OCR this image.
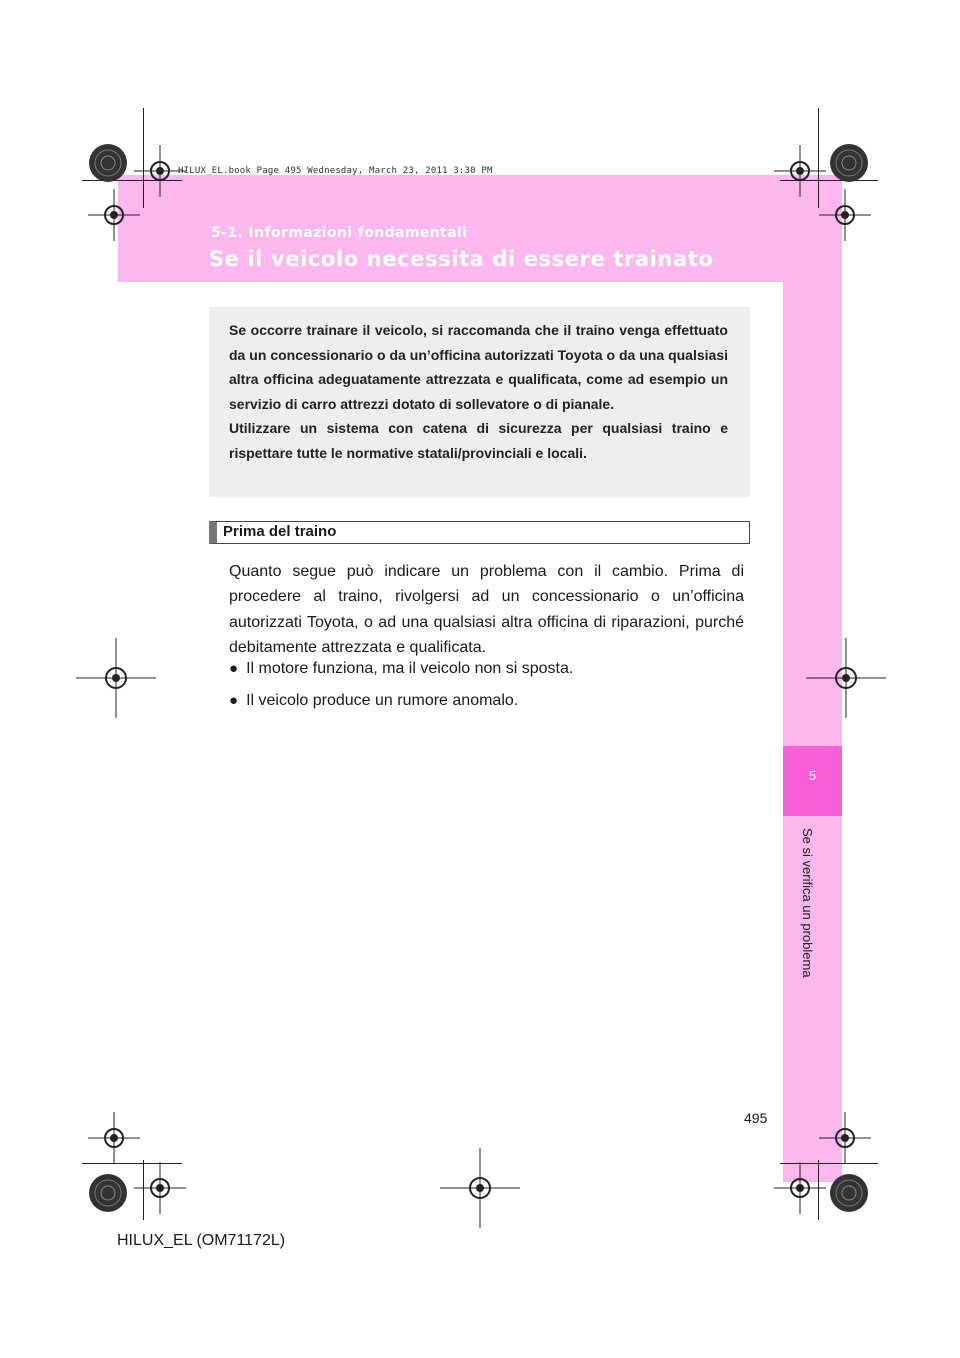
HILUX_EL.book Page 495 Wednesday, March 23, 2011 3:30 PM
5-1. Informazioni fondamentali
Se il veicolo necessita di essere trainato
5
Se si verifica un problema

Se occorre trainare il veicolo, si raccomanda che il traino venga effettuato da un concessionario o da un’officina autorizzati Toyota o da una qualsiasi altra officina adeguatamente attrezzata e qualificata, come ad esempio un servizio di carro attrezzi dotato di sollevatore o di pianale.

Utilizzare un sistema con catena di sicurezza per qualsiasi traino e rispettare tutte le normative statali/provinciali e locali.

Prima del traino
Quanto segue può indicare un problema con il cambio. Prima di procedere al traino, rivolgersi ad un concessionario o un’officina autorizzati Toyota, o ad una qualsiasi altra officina di riparazioni, purché debitamente attrezzata e qualificata.
● Il motore funziona, ma il veicolo non si sposta.
● Il veicolo produce un rumore anomalo.
495
HILUX_EL (OM71172L)
